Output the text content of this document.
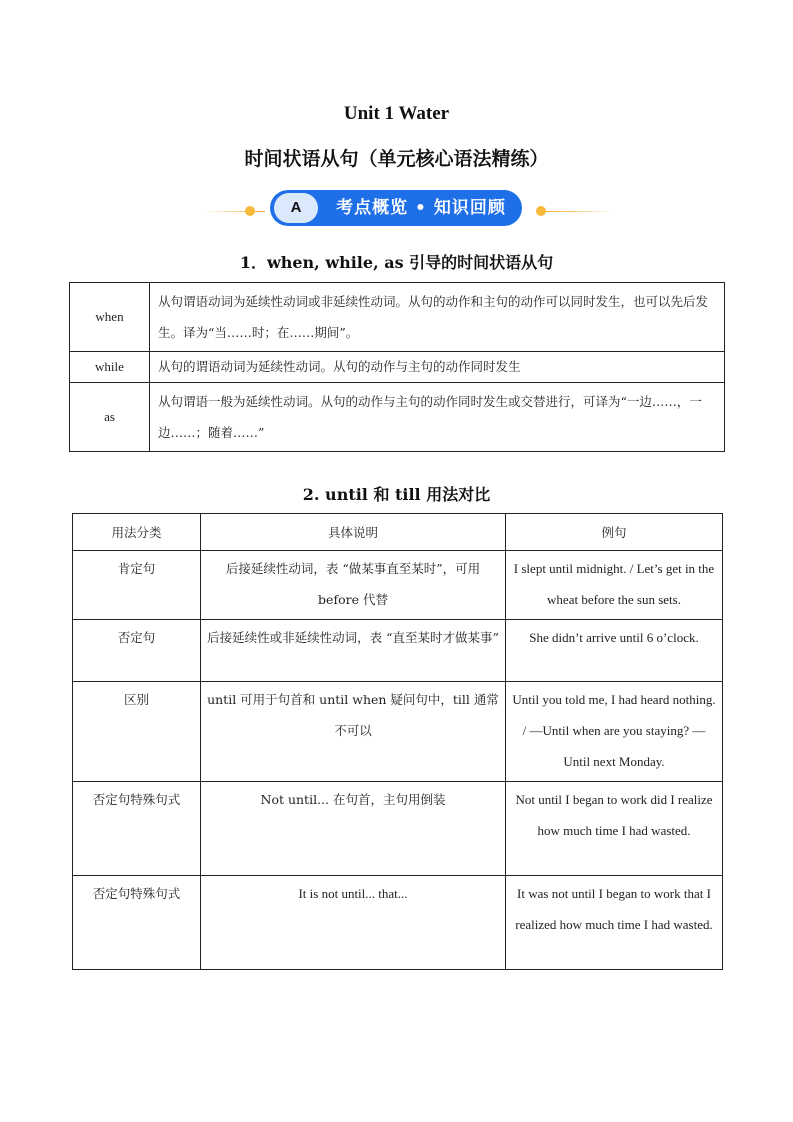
Unit 1 Water
时间状语从句（单元核心语法精练）
A	考点概览 • 知识回顾
1．when, while, as 引导的时间状语从句
when	从句谓语动词为延续性动词或非延续性动词。从句的动作和主句的动作可以同时发生，也可以先后发生。译为“当……时；在……期间”。
while	从句的谓语动词为延续性动词。从句的动作与主句的动作同时发生
as	从句谓语一般为延续性动词。从句的动作与主句的动作同时发生或交替进行，可译为“一边……，一边……；随着……”
2. until 和 till 用法对比
用法分类	具体说明	例句
肯定句	后接延续性动词，表 “做某事直至某时”，可用 before 代替	I slept until midnight. / Let’s get in the wheat before the sun sets.
否定句	后接延续性或非延续性动词，表 “直至某时才做某事”	She didn’t arrive until 6 o’clock.
区别	until 可用于句首和 until when 疑问句中，till 通常不可以	Until you told me, I had heard nothing. / —Until when are you staying? —Until next Monday.
否定句特殊句式	Not until... 在句首，主句用倒装	Not until I began to work did I realize how much time I had wasted.
否定句特殊句式	It is not until... that...	It was not until I began to work that I realized how much time I had wasted.
